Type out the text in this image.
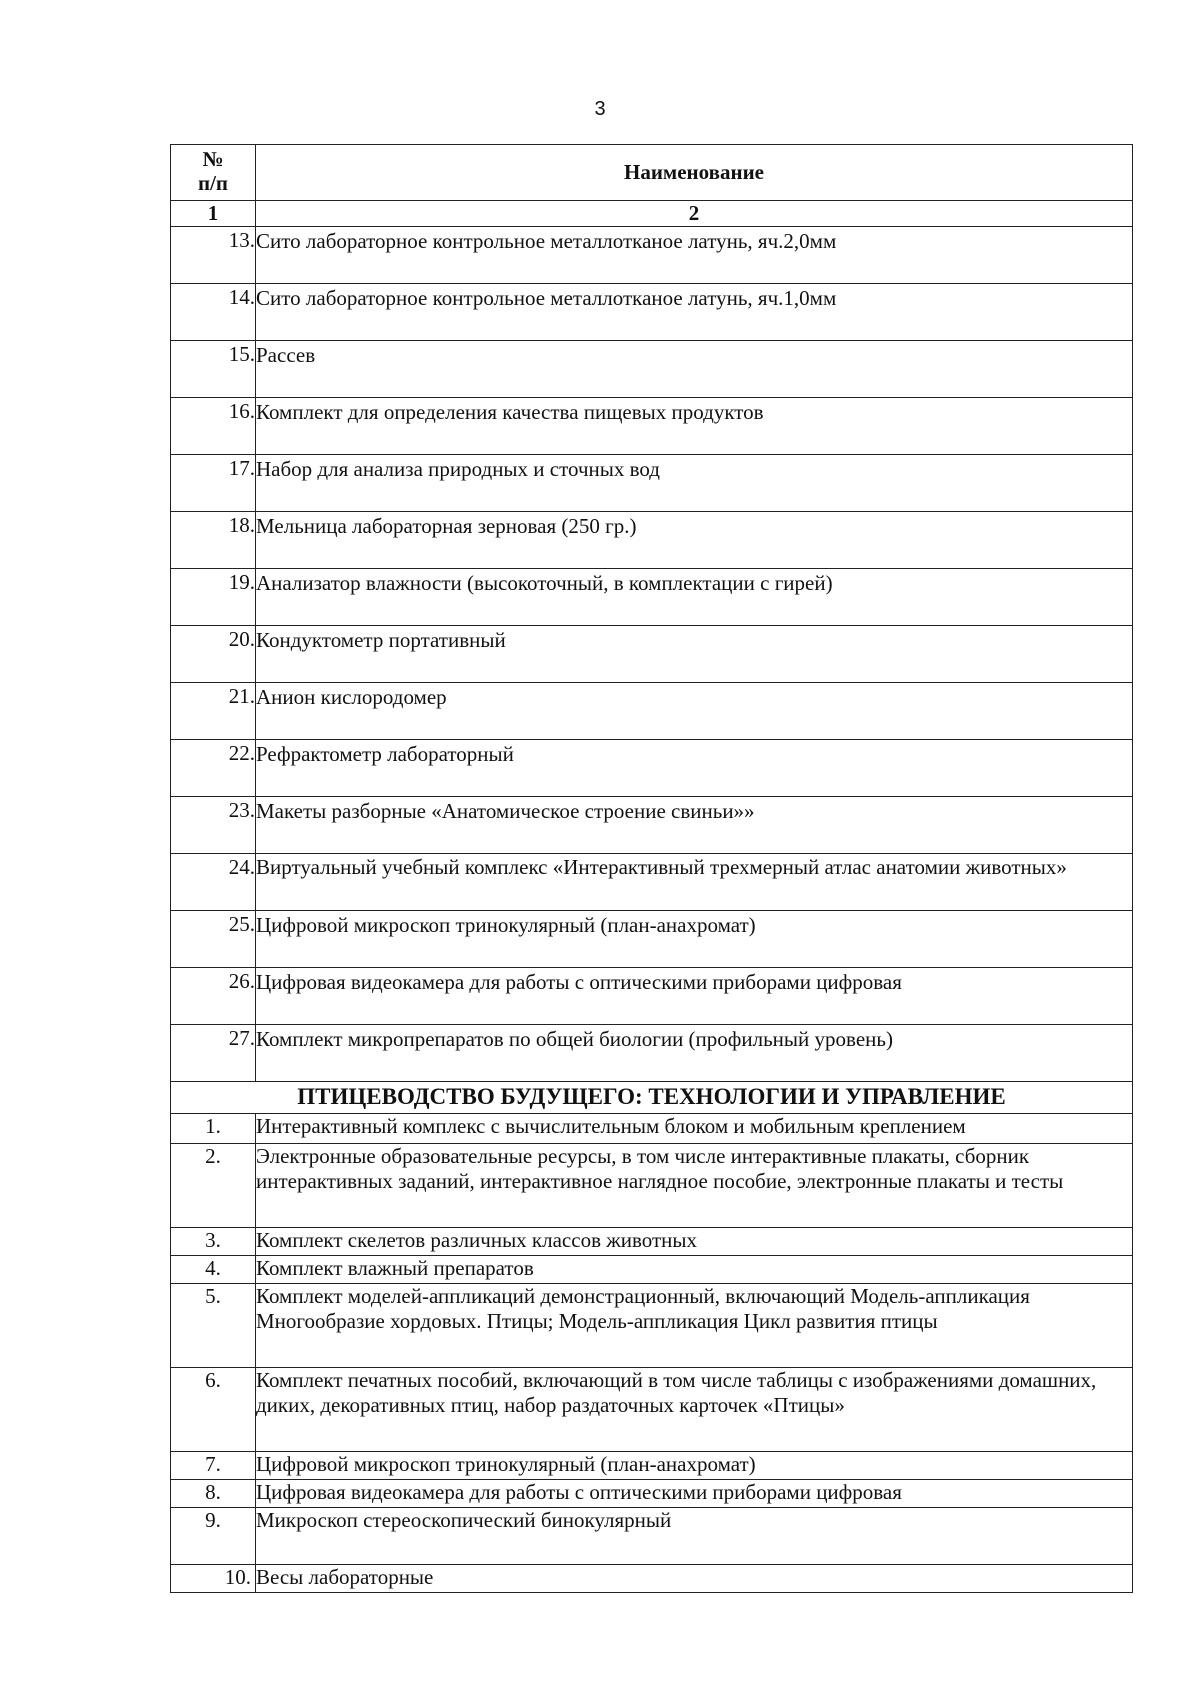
3
№
п/п	Наименование
1	2
13.	Сито лабораторное контрольное металлотканое латунь, яч.2,0мм
14.	Сито лабораторное контрольное металлотканое латунь, яч.1,0мм
15.	Рассев
16.	Комплект для определения качества пищевых продуктов
17.	Набор для анализа природных и сточных вод
18.	Мельница лабораторная зерновая (250 гр.)
19.	Анализатор влажности (высокоточный, в комплектации с гирей)
20.	Кондуктометр портативный
21.	Анион кислородомер
22.	Рефрактометр лабораторный
23.	Макеты разборные «Анатомическое строение свиньи»»
24.	Виртуальный учебный комплекс «Интерактивный трехмерный атлас анатомии животных»
25.	Цифровой микроскоп тринокулярный (план-анахромат)
26.	Цифровая видеокамера для работы с оптическими приборами цифровая
27.	Комплект микропрепаратов по общей биологии (профильный уровень)
ПТИЦЕВОДСТВО БУДУЩЕГО: ТЕХНОЛОГИИ И УПРАВЛЕНИЕ	
1.	Интерактивный комплекс с вычислительным блоком и мобильным креплением
2.	Электронные образовательные ресурсы, в том числе интерактивные плакаты, сборник интерактивных заданий, интерактивное наглядное пособие, электронные плакаты и тесты
3.	Комплект скелетов различных классов животных
4.	Комплект влажный препаратов
5.	Комплект моделей-аппликаций демонстрационный, включающий Модель-аппликация Многообразие хордовых. Птицы; Модель-аппликация Цикл развития птицы
6.	Комплект печатных пособий, включающий в том числе таблицы с изображениями домашних, диких, декоративных птиц, набор раздаточных карточек «Птицы»
7.	Цифровой микроскоп тринокулярный (план-анахромат)
8.	Цифровая видеокамера для работы с оптическими приборами цифровая
9.	Микроскоп стереоскопический бинокулярный
10.	Весы лабораторные
